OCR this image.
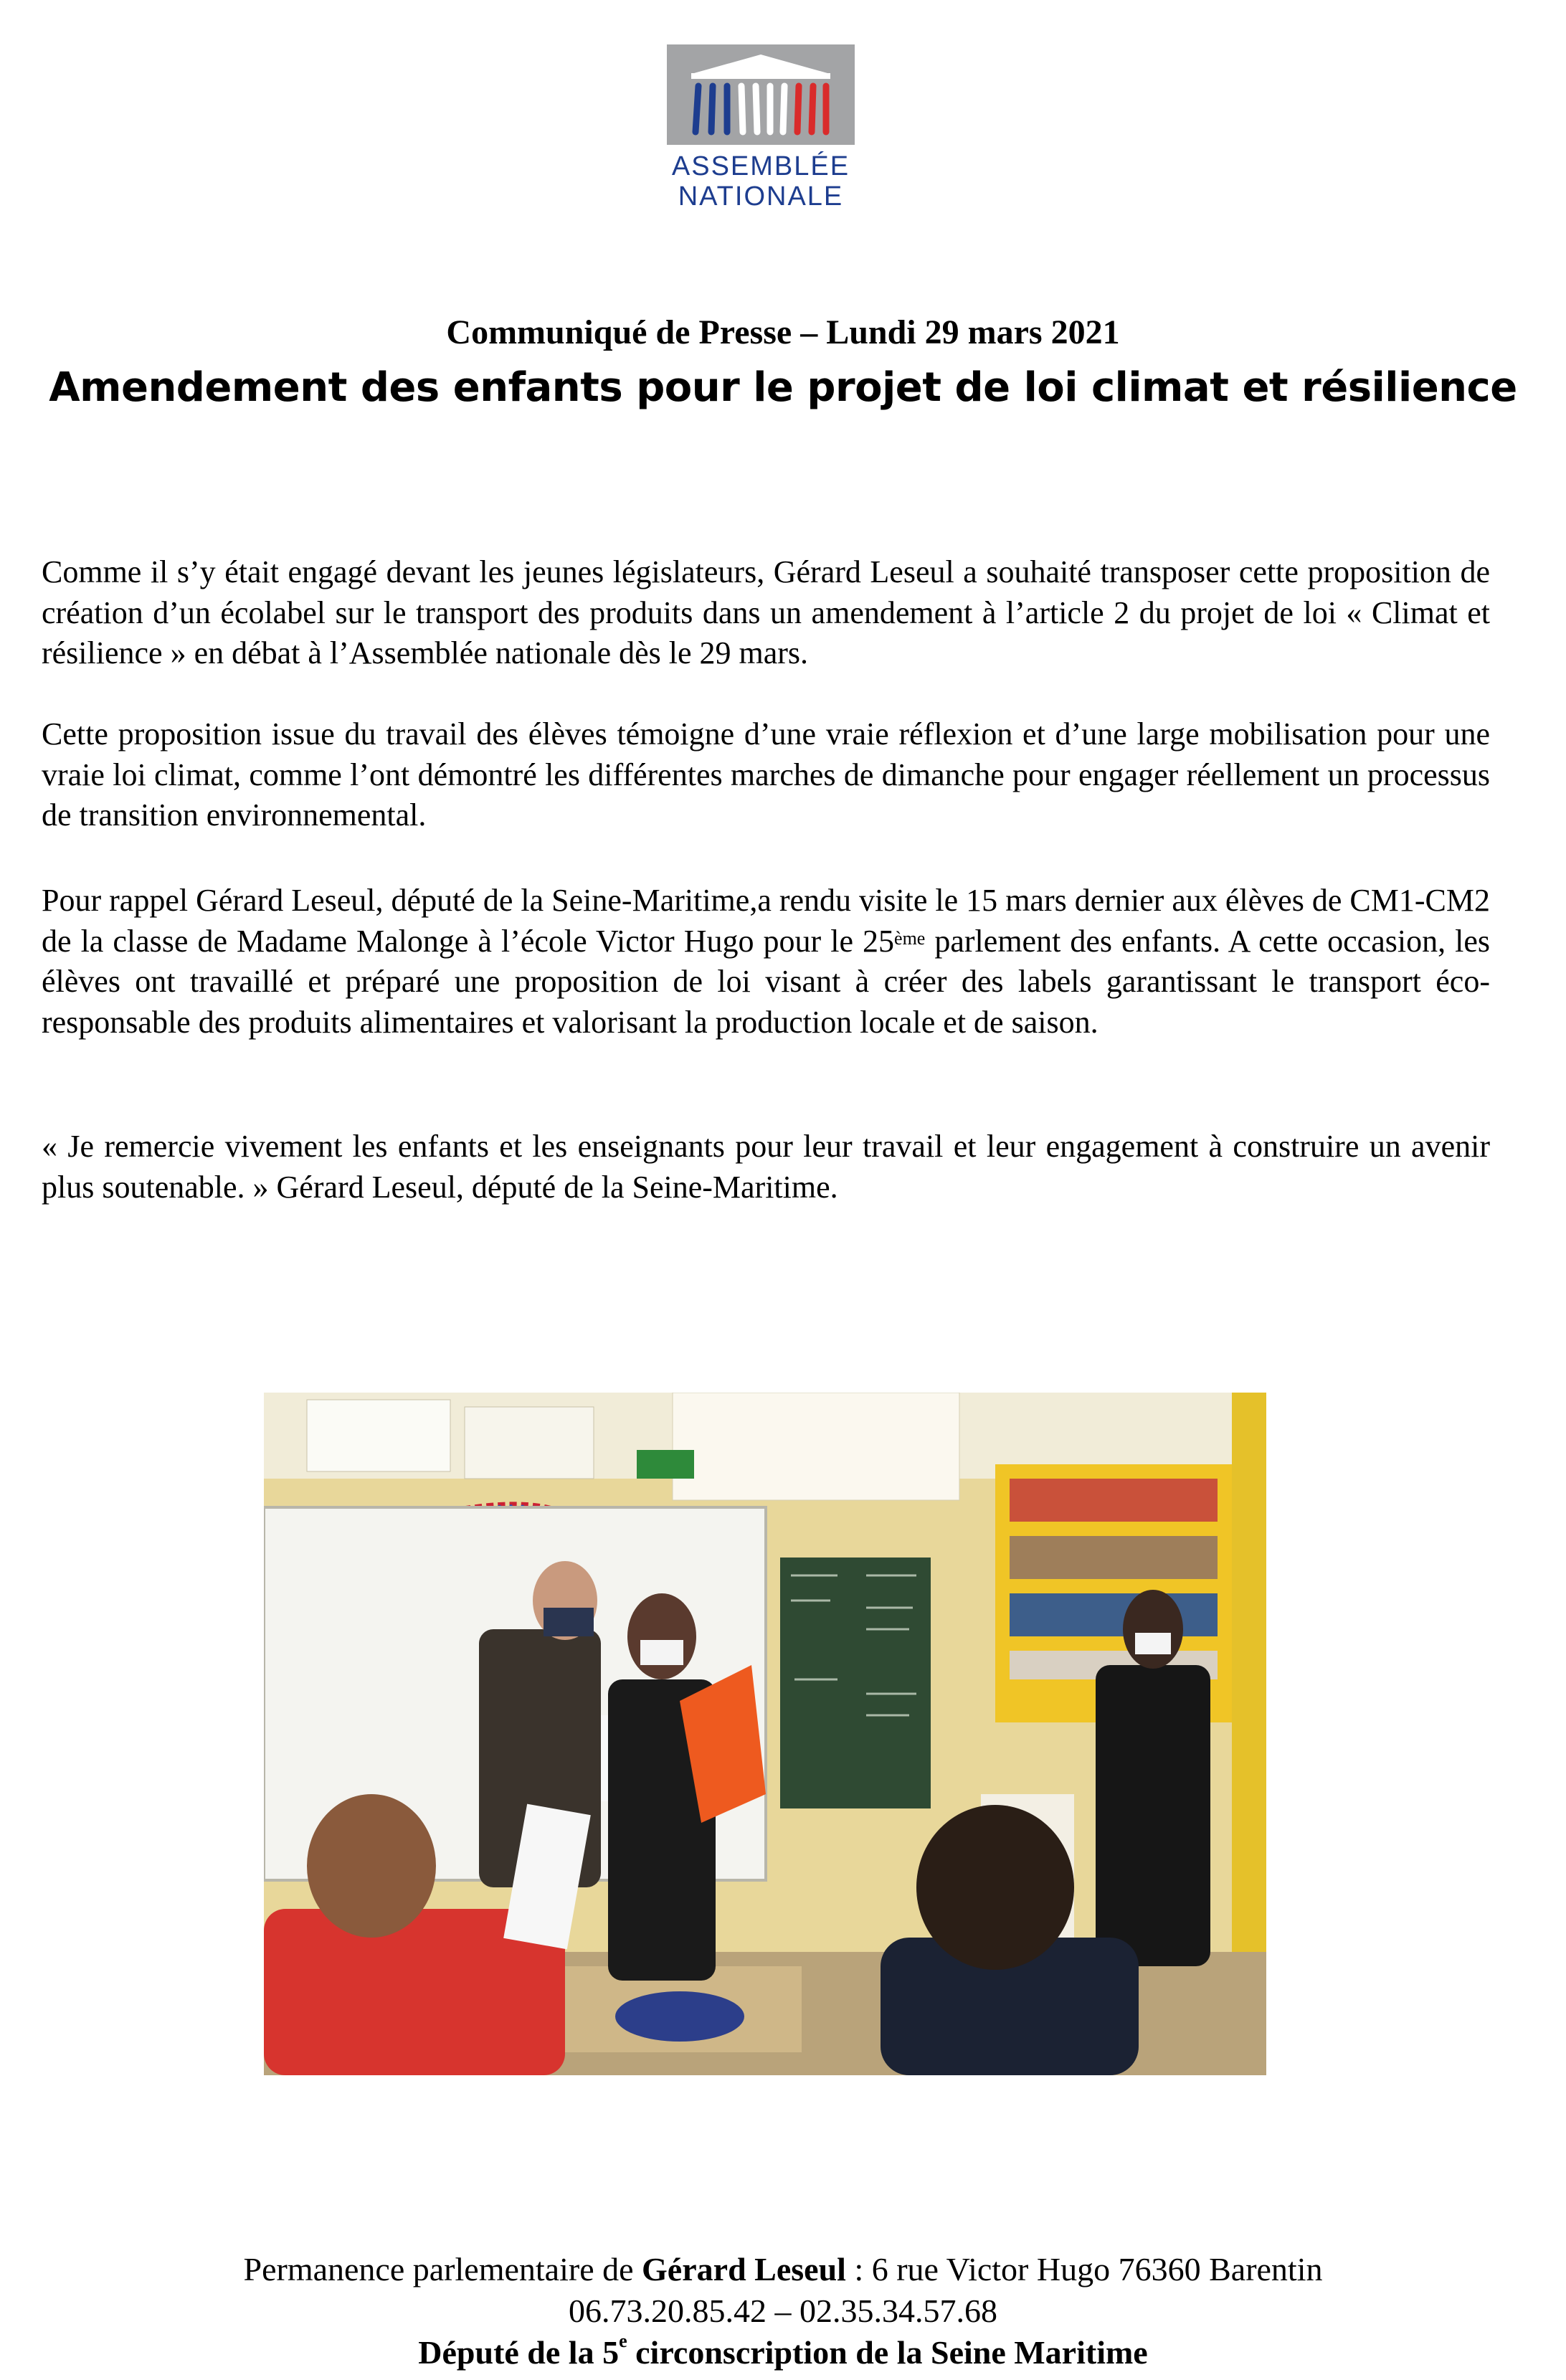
ASSEMBLÉE
NATIONALE
Communiqué de Presse – Lundi 29 mars 2021
Amendement des enfants pour le projet de loi climat et résilience

Comme il s’y était engagé devant les jeunes législateurs, Gérard Leseul a souhaité transposer cette proposition de création d’un écolabel sur le transport des produits dans un amendement à l’article 2 du projet de loi « Climat et résilience » en débat à l’Assemblée nationale dès le 29 mars.

Cette proposition issue du travail des élèves témoigne d’une vraie réflexion et d’une large mobilisation pour une vraie loi climat, comme l’ont démontré les différentes marches de dimanche pour engager réellement un processus de transition environnemental.

Pour rappel Gérard Leseul, député de la Seine-Maritime,a rendu visite le 15 mars dernier aux élèves de CM1-CM2 de la classe de Madame Malonge à l’école Victor Hugo pour le 25ème parlement des enfants. A cette occasion, les élèves ont travaillé et préparé une proposition de loi visant à créer des labels garantissant le transport éco-responsable des produits alimentaires et valorisant la production locale et de saison.

« Je remercie vivement les enfants et les enseignants pour leur travail et leur engagement à construire un avenir plus soutenable. » Gérard Leseul, député de la Seine-Maritime.

Permanence parlementaire de Gérard Leseul : 6 rue Victor Hugo 76360 Barentin
06.73.20.85.42 – 02.35.34.57.68
Député de la 5e circonscription de la Seine Maritime
